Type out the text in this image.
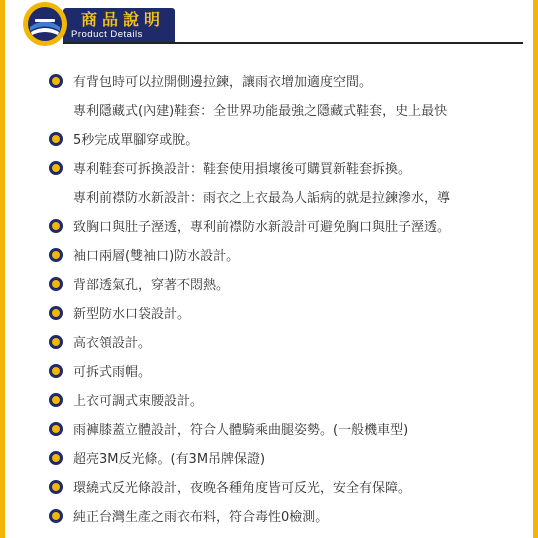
商品說明
Product Details
有背包時可以拉開側邊拉鍊，讓雨衣增加適度空間。
專利隱藏式(內建)鞋套：全世界功能最強之隱藏式鞋套，史上最快
5秒完成單腳穿或脫。
專利鞋套可拆換設計：鞋套使用損壞後可購買新鞋套拆換。
專利前襟防水新設計：雨衣之上衣最為人詬病的就是拉鍊滲水，導
致胸口與肚子溼透，專利前襟防水新設計可避免胸口與肚子溼透。
袖口兩層(雙袖口)防水設計。
背部透氣孔，穿著不悶熱。
新型防水口袋設計。
高衣領設計。
可拆式雨帽。
上衣可調式束腰設計。
雨褲膝蓋立體設計，符合人體騎乘曲腿姿勢。(一般機車型)
超亮3M反光條。(有3M吊牌保證)
環繞式反光條設計，夜晚各種角度皆可反光，安全有保障。
純正台灣生產之雨衣布料，符合毒性0檢測。
